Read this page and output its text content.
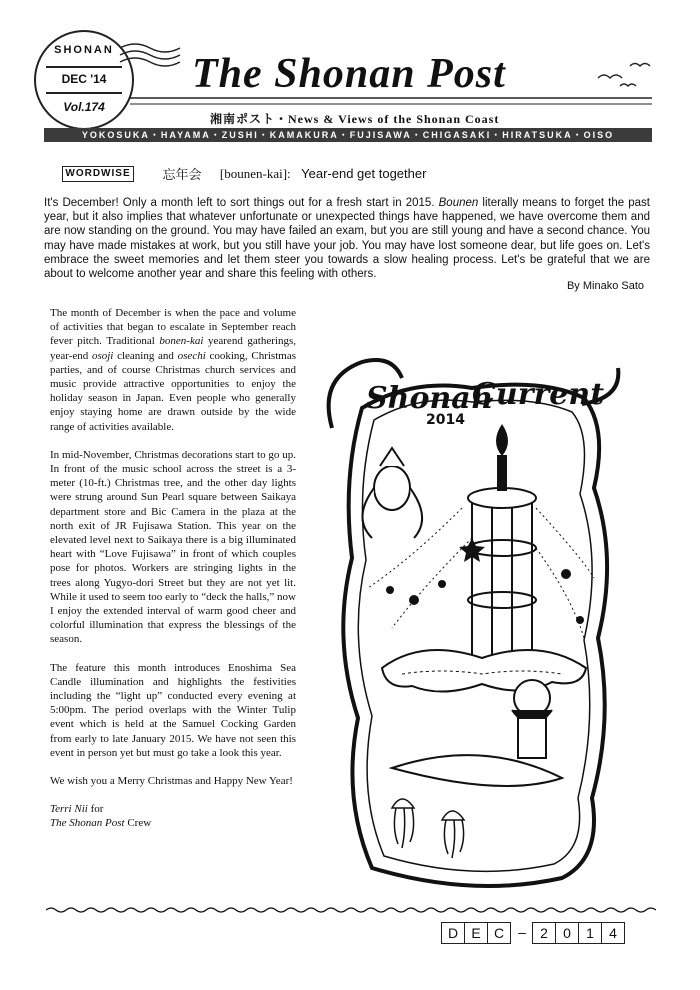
SHONAN
DEC '14
Vol.174
The Shonan Post
湘南ポスト・News & Views of the Shonan Coast
YOKOSUKA・HAYAMA・ZUSHI・KAMAKURA・FUJISAWA・CHIGASAKI・HIRATSUKA・OISO
WORDWISE 忘年会 [bounen-kai]: Year-end get together
It's December! Only a month left to sort things out for a fresh start in 2015. Bounen literally means to forget the past year, but it also implies that whatever unfortunate or unexpected things have happened, we have overcome them and are now standing on the ground. You may have failed an exam, but you are still young and have a second chance. You may have made mistakes at work, but you still have your job. You may have lost someone dear, but life goes on. Let's embrace the sweet memories and let them steer you towards a slow healing process. Let's be grateful that we are about to welcome another year and share this feeling with others.
By Minako Sato

The month of December is when the pace and volume of activities that began to escalate in September reach fever pitch. Traditional bonen-kai yearend gatherings, year-end osoji cleaning and osechi cooking, Christmas parties, and of course Christmas church services and music provide attractive opportunities to enjoy the holiday season in Japan. Even people who generally enjoy staying home are drawn outside by the wide range of activities available.

In mid-November, Christmas decorations start to go up. In front of the music school across the street is a 3-meter (10-ft.) Christmas tree, and the other day lights were strung around Sun Pearl square between Saikaya department store and Bic Camera in the plaza at the north exit of JR Fujisawa Station. This year on the elevated level next to Saikaya there is a big illuminated heart with “Love Fujisawa” in front of which couples pose for photos. Workers are stringing lights in the trees along Yugyo-dori Street but they are not yet lit. While it used to seem too early to “deck the halls,” now I enjoy the extended interval of warm good cheer and colorful illumination that express the blessings of the season.

The feature this month introduces Enoshima Sea Candle illumination and highlights the festivities including the “light up” conducted every evening at 5:00pm. The period overlaps with the Winter Tulip event which is held at the Samuel Cocking Garden from early to late January 2015. We have not seen this event in person yet but must go take a look this year.

We wish you a Merry Christmas and Happy New Year!

Terri Nii for
The Shonan Post Crew
Shonan
Current
2014
D E C	–	2	0	1	4
